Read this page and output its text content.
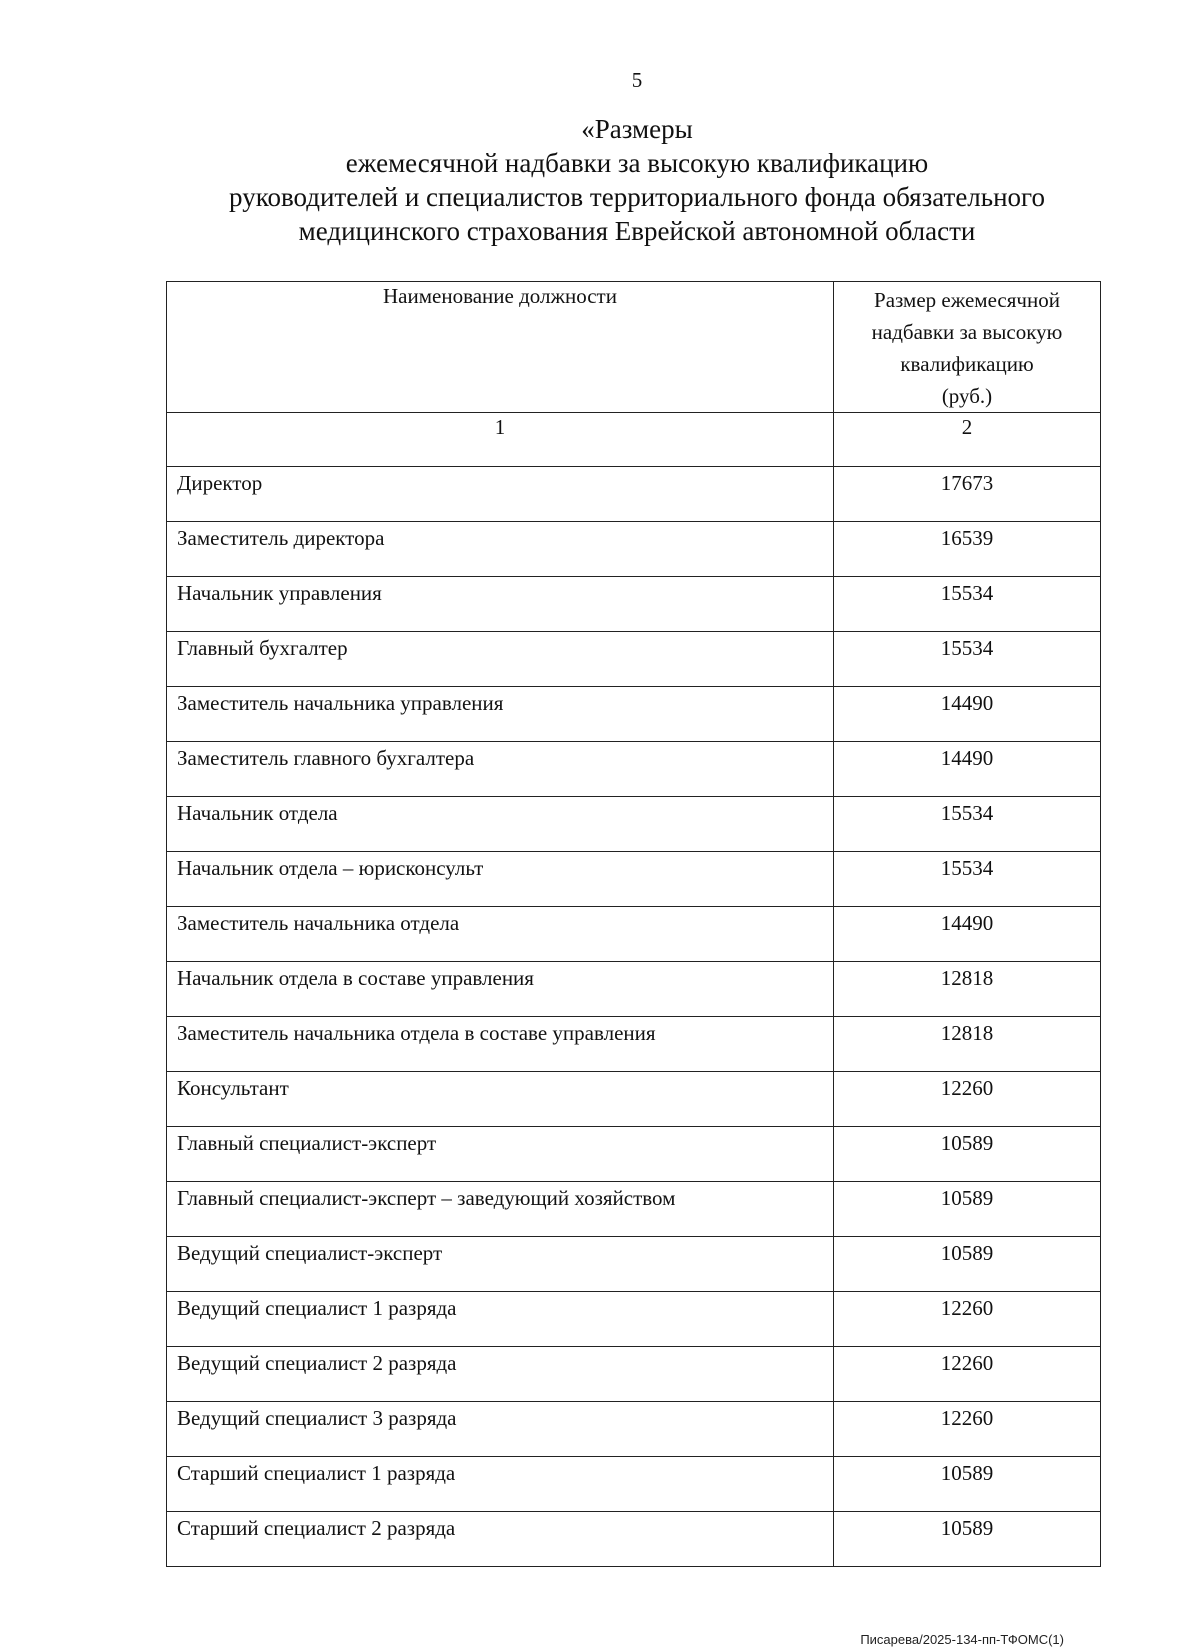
5
«Размеры
ежемесячной надбавки за высокую квалификацию
руководителей и специалистов территориального фонда обязательного
медицинского страхования Еврейской автономной области
Наименование должности	Размер ежемесячной
надбавки за высокую
квалификацию
(руб.)

1	2
Директор	17673
Заместитель директора	16539
Начальник управления	15534
Главный бухгалтер	15534
Заместитель начальника управления	14490
Заместитель главного бухгалтера	14490
Начальник отдела	15534
Начальник отдела – юрисконсульт	15534
Заместитель начальника отдела	14490
Начальник отдела в составе управления	12818
Заместитель начальника отдела в составе управления	12818
Консультант	12260
Главный специалист-эксперт	10589
Главный специалист-эксперт – заведующий хозяйством	10589
Ведущий специалист-эксперт	10589
Ведущий специалист 1 разряда	12260
Ведущий специалист 2 разряда	12260
Ведущий специалист 3 разряда	12260
Старший специалист 1 разряда	10589
Старший специалист 2 разряда	10589
Писарева/2025-134-пп-ТФОМС(1)
